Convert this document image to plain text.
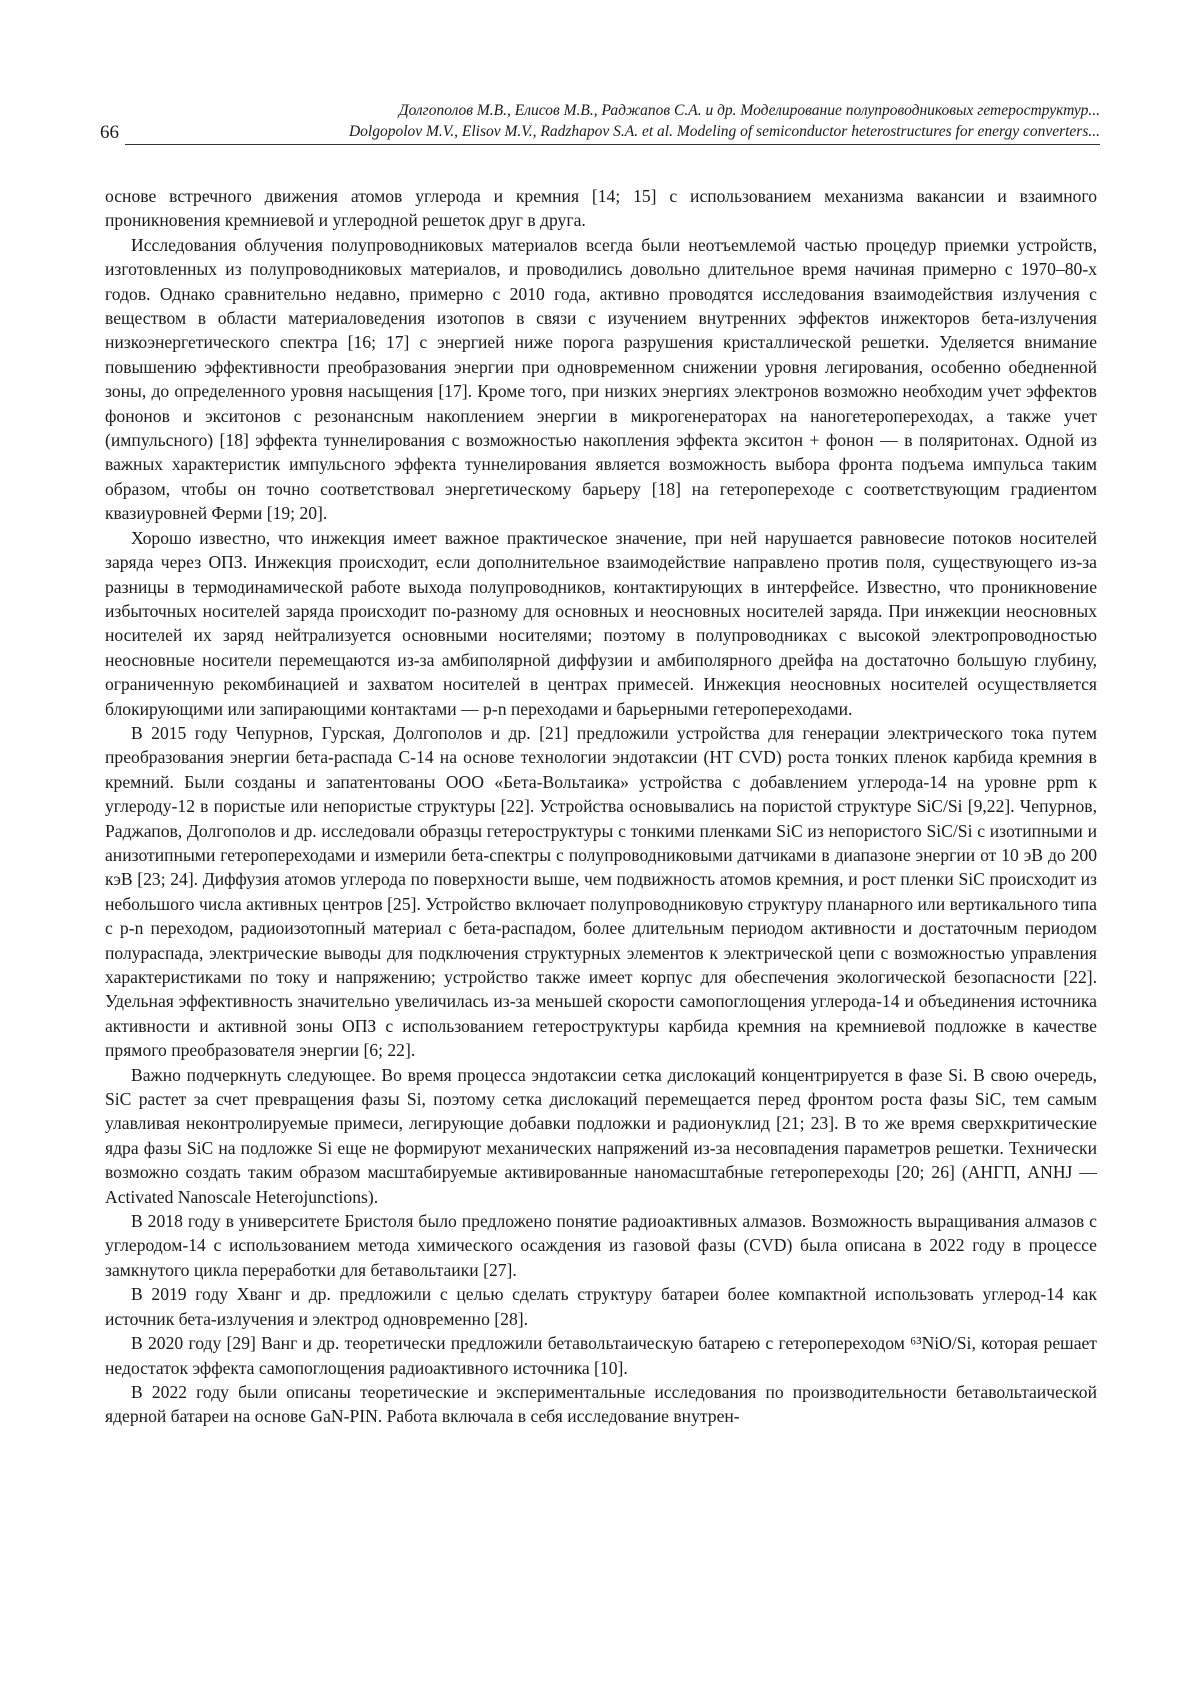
66
Долгополов М.В., Елисов М.В., Раджапов С.А. и др. Моделирование полупроводниковых гетероструктур...
Dolgopolov M.V., Elisov M.V., Radzhapov S.A. et al. Modeling of semiconductor heterostructures for energy converters...

основе встречного движения атомов углерода и кремния [14; 15] с использованием механизма вакансии и взаимного проникновения кремниевой и углеродной решеток друг в друга.

Исследования облучения полупроводниковых материалов всегда были неотъемлемой частью процедур приемки устройств, изготовленных из полупроводниковых материалов, и проводились довольно длительное время начиная примерно с 1970–80-х годов. Однако сравнительно недавно, примерно с 2010 года, активно проводятся исследования взаимодействия излучения с веществом в области материаловедения изотопов в связи с изучением внутренних эффектов инжекторов бета-излучения низкоэнергетического спектра [16; 17] с энергией ниже порога разрушения кристаллической решетки. Уделяется внимание повышению эффективности преобразования энергии при одновременном снижении уровня легирования, особенно обедненной зоны, до определенного уровня насыщения [17]. Кроме того, при низких энергиях электронов возможно необходим учет эффектов фононов и экситонов с резонансным накоплением энергии в микрогенераторах на наногетеропереходах, а также учет (импульсного) [18] эффекта туннелирования с возможностью накопления эффекта экситон + фонон — в поляритонах. Одной из важных характеристик импульсного эффекта туннелирования является возможность выбора фронта подъема импульса таким образом, чтобы он точно соответствовал энергетическому барьеру [18] на гетеропереходе с соответствующим градиентом квазиуровней Ферми [19; 20].

Хорошо известно, что инжекция имеет важное практическое значение, при ней нарушается равновесие потоков носителей заряда через ОПЗ. Инжекция происходит, если дополнительное взаимодействие направлено против поля, существующего из-за разницы в термодинамической работе выхода полупроводников, контактирующих в интерфейсе. Известно, что проникновение избыточных носителей заряда происходит по-разному для основных и неосновных носителей заряда. При инжекции неосновных носителей их заряд нейтрализуется основными носителями; поэтому в полупроводниках с высокой электропроводностью неосновные носители перемещаются из-за амбиполярной диффузии и амбиполярного дрейфа на достаточно большую глубину, ограниченную рекомбинацией и захватом носителей в центрах примесей. Инжекция неосновных носителей осуществляется блокирующими или запирающими контактами — p-n переходами и барьерными гетеропереходами.

В 2015 году Чепурнов, Гурская, Долгополов и др. [21] предложили устройства для генерации электрического тока путем преобразования энергии бета-распада С-14 на основе технологии эндотаксии (HT CVD) роста тонких пленок карбида кремния в кремний. Были созданы и запатентованы ООО «Бета-Вольтаика» устройства с добавлением углерода-14 на уровне ppm к углероду-12 в пористые или непористые структуры [22]. Устройства основывались на пористой структуре SiC/Si [9,22]. Чепурнов, Раджапов, Долгополов и др. исследовали образцы гетероструктуры с тонкими пленками SiC из непористого SiC/Si с изотипными и анизотипными гетеропереходами и измерили бета-спектры с полупроводниковыми датчиками в диапазоне энергии от 10 эВ до 200 кэВ [23; 24]. Диффузия атомов углерода по поверхности выше, чем подвижность атомов кремния, и рост пленки SiC происходит из небольшого числа активных центров [25]. Устройство включает полупроводниковую структуру планарного или вертикального типа с p-n переходом, радиоизотопный материал с бета-распадом, более длительным периодом активности и достаточным периодом полураспада, электрические выводы для подключения структурных элементов к электрической цепи с возможностью управления характеристиками по току и напряжению; устройство также имеет корпус для обеспечения экологической безопасности [22]. Удельная эффективность значительно увеличилась из-за меньшей скорости самопоглощения углерода-14 и объединения источника активности и активной зоны ОПЗ с использованием гетероструктуры карбида кремния на кремниевой подложке в качестве прямого преобразователя энергии [6; 22].

Важно подчеркнуть следующее. Во время процесса эндотаксии сетка дислокаций концентрируется в фазе Si. В свою очередь, SiC растет за счет превращения фазы Si, поэтому сетка дислокаций перемещается перед фронтом роста фазы SiC, тем самым улавливая неконтролируемые примеси, легирующие добавки подложки и радионуклид [21; 23]. В то же время сверхкритические ядра фазы SiC на подложке Si еще не формируют механических напряжений из-за несовпадения параметров решетки. Технически возможно создать таким образом масштабируемые активированные наномасштабные гетеропереходы [20; 26] (АНГП, ANHJ — Activated Nanoscale Heterojunctions).

В 2018 году в университете Бристоля было предложено понятие радиоактивных алмазов. Возможность выращивания алмазов с углеродом-14 с использованием метода химического осаждения из газовой фазы (CVD) была описана в 2022 году в процессе замкнутого цикла переработки для бетавольтаики [27].

В 2019 году Хванг и др. предложили с целью сделать структуру батареи более компактной использовать углерод-14 как источник бета-излучения и электрод одновременно [28].

В 2020 году [29] Ванг и др. теоретически предложили бетавольтаическую батарею с гетеропереходом ⁶³NiO/Si, которая решает недостаток эффекта самопоглощения радиоактивного источника [10].

В 2022 году были описаны теоретические и экспериментальные исследования по производительности бетавольтаической ядерной батареи на основе GaN-PIN. Работа включала в себя исследование внутрен-
